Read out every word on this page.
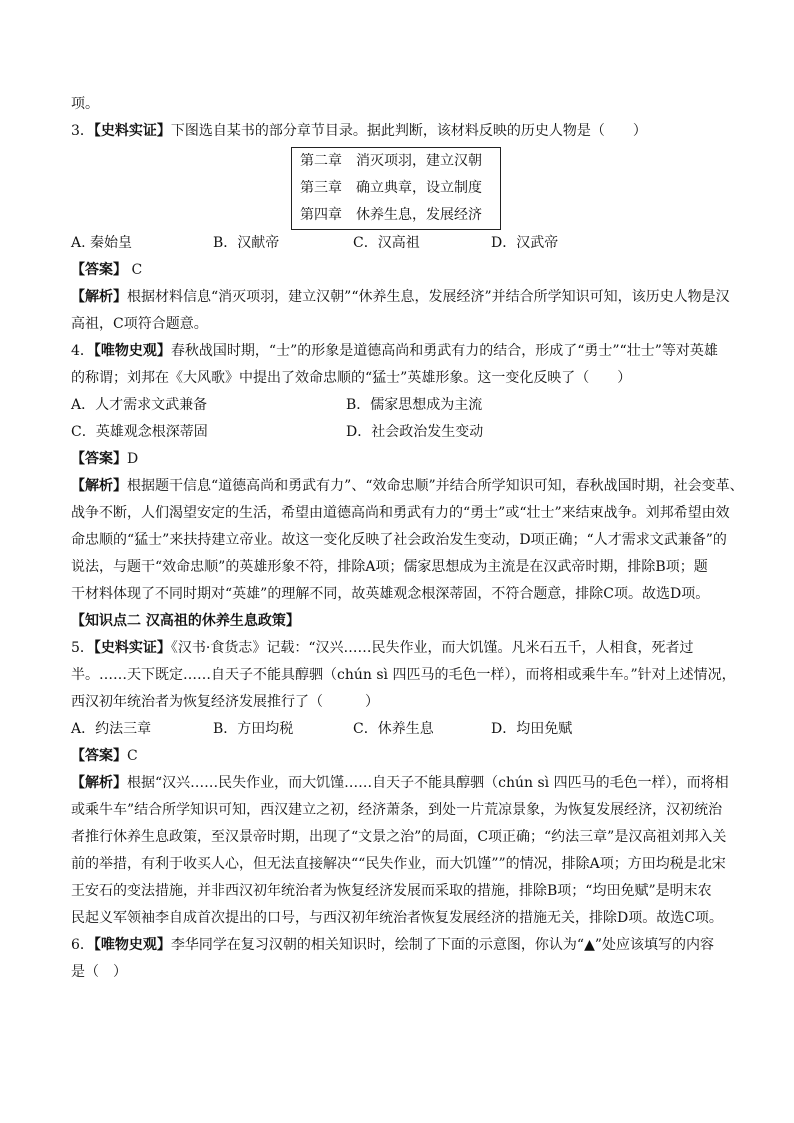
项。
3．【史料实证】下图选自某书的部分章节目录。据此判断，该材料反映的历史人物是（　　）
第二章　消灭项羽，建立汉朝
第三章　确立典章，设立制度
第四章　休养生息，发展经济
A. 秦始皇	B．汉献帝	C．汉高祖	D．汉武帝
【答案】 C
【解析】根据材料信息“消灭项羽，建立汉朝”“休养生息，发展经济”并结合所学知识可知，该历史人物是汉
高祖，C项符合题意。
4．【唯物史观】春秋战国时期，“士”的形象是道德高尚和勇武有力的结合，形成了“勇士”“壮士”等对英雄
的称谓；刘邦在《大风歌》中提出了效命忠顺的“猛士”英雄形象。这一变化反映了（　　）
A．人才需求文武兼备	B．儒家思想成为主流
C．英雄观念根深蒂固	D．社会政治发生变动
【答案】D
【解析】根据题干信息“道德高尚和勇武有力”、“效命忠顺”并结合所学知识可知，春秋战国时期，社会变革、
战争不断，人们渴望安定的生活，希望由道德高尚和勇武有力的“勇士”或“壮士”来结束战争。刘邦希望由效
命忠顺的“猛士”来扶持建立帝业。故这一变化反映了社会政治发生变动，D项正确；“人才需求文武兼备”的
说法，与题干“效命忠顺”的英雄形象不符，排除A项；儒家思想成为主流是在汉武帝时期，排除B项；题
干材料体现了不同时期对“英雄”的理解不同，故英雄观念根深蒂固，不符合题意，排除C项。故选D项。
【知识点二 汉高祖的休养生息政策】
5．【史料实证】《汉书·食货志》记载：“汉兴……民失作业，而大饥馑。凡米石五千，人相食，死者过
半。……天下既定……自天子不能具醇驷（chún sì 四匹马的毛色一样），而将相或乘牛车。”针对上述情况，
西汉初年统治者为恢复经济发展推行了（　　　）
A．约法三章	B．方田均税	C．休养生息	D．均田免赋
【答案】C
【解析】根据“汉兴……民失作业，而大饥馑……自天子不能具醇驷（chún sì 四匹马的毛色一样），而将相
或乘牛车”结合所学知识可知，西汉建立之初，经济萧条，到处一片荒凉景象，为恢复发展经济，汉初统治
者推行休养生息政策，至汉景帝时期，出现了“文景之治”的局面，C项正确；“约法三章”是汉高祖刘邦入关
前的举措，有利于收买人心，但无法直接解决““民失作业，而大饥馑””的情况，排除A项；方田均税是北宋
王安石的变法措施，并非西汉初年统治者为恢复经济发展而采取的措施，排除B项；“均田免赋”是明末农
民起义军领袖李自成首次提出的口号，与西汉初年统治者恢复发展经济的措施无关，排除D项。故选C项。
6．【唯物史观】李华同学在复习汉朝的相关知识时，绘制了下面的示意图，你认为“▲”处应该填写的内容
是（　）
